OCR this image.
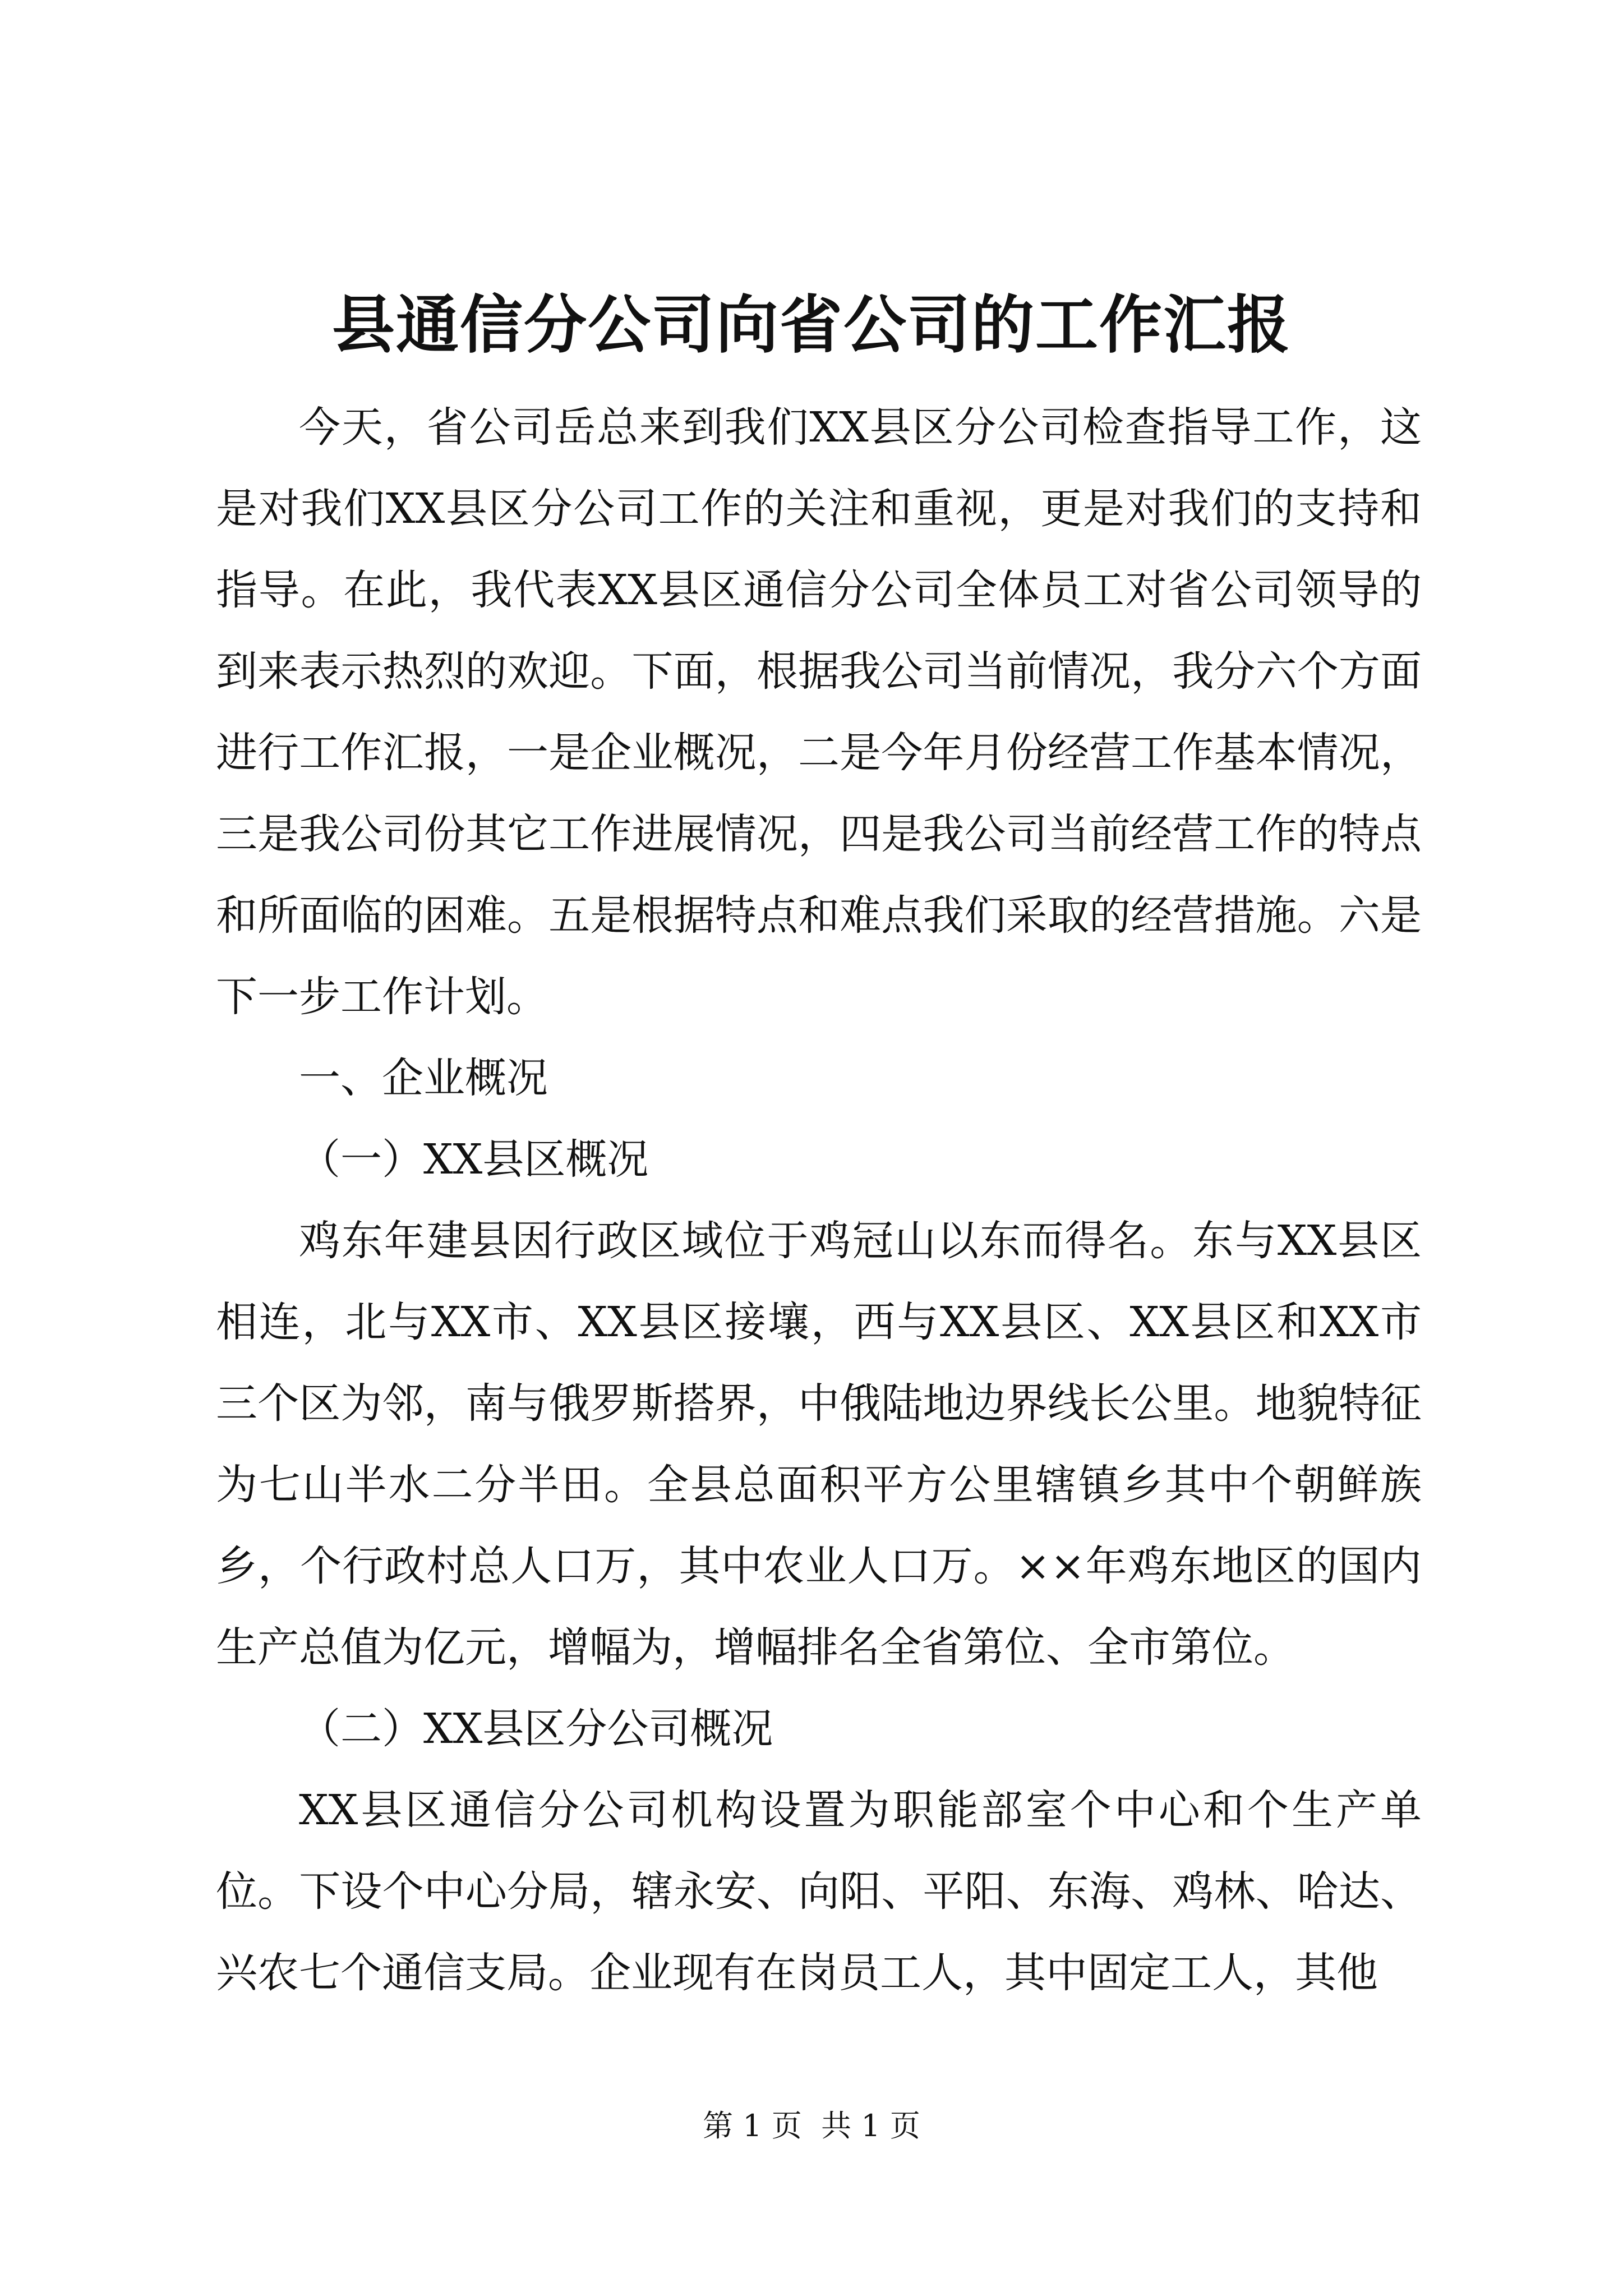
县通信分公司向省公司的工作汇报

今天，省公司岳总来到我们XX县区分公司检查指导工作，这是对我们XX县区分公司工作的关注和重视，更是对我们的支持和指导。在此，我代表XX县区通信分公司全体员工对省公司领导的到来表示热烈的欢迎。下面，根据我公司当前情况，我分六个方面进行工作汇报，一是企业概况，二是今年月份经营工作基本情况，三是我公司份其它工作进展情况，四是我公司当前经营工作的特点和所面临的困难。五是根据特点和难点我们采取的经营措施。六是下一步工作计划。

一、企业概况

（一）XX县区概况

鸡东年建县因行政区域位于鸡冠山以东而得名。东与XX县区相连，北与XX市、XX县区接壤，西与XX县区、XX县区和XX市三个区为邻，南与俄罗斯搭界，中俄陆地边界线长公里。地貌特征为七山半水二分半田。全县总面积平方公里辖镇乡其中个朝鲜族乡，个行政村总人口万，其中农业人口万。××年鸡东地区的国内生产总值为亿元，增幅为，增幅排名全省第位、全市第位。

（二）XX县区分公司概况

XX县区通信分公司机构设置为职能部室个中心和个生产单位。下设个中心分局，辖永安、向阳、平阳、东海、鸡林、哈达、兴农七个通信支局。企业现有在岗员工人，其中固定工人，其他

第 1 页  共 1 页
